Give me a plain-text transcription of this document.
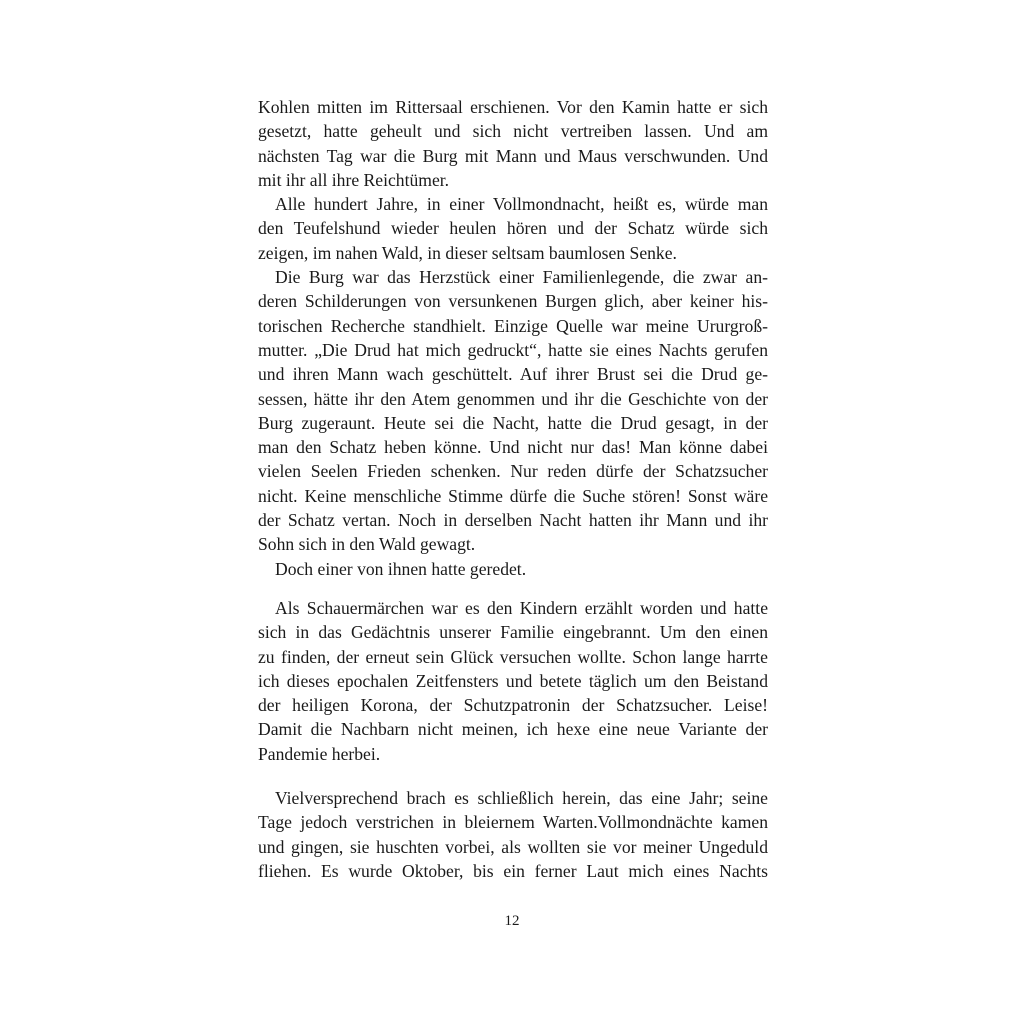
Kohlen mitten im Rittersaal erschienen. Vor den Kamin hatte er sich
gesetzt, hatte geheult und sich nicht vertreiben lassen. Und am
nächsten Tag war die Burg mit Mann und Maus verschwunden. Und
mit ihr all ihre Reichtümer.
Alle hundert Jahre, in einer Vollmondnacht, heißt es, würde man
den Teufelshund wieder heulen hören und der Schatz würde sich
zeigen, im nahen Wald, in dieser seltsam baumlosen Senke.
Die Burg war das Herzstück einer Familienlegende, die zwar an-
deren Schilderungen von versunkenen Burgen glich, aber keiner his-
torischen Recherche standhielt. Einzige Quelle war meine Ururgroß-
mutter. „Die Drud hat mich gedruckt“, hatte sie eines Nachts gerufen
und ihren Mann wach geschüttelt. Auf ihrer Brust sei die Drud ge-
sessen, hätte ihr den Atem genommen und ihr die Geschichte von der
Burg zugeraunt. Heute sei die Nacht, hatte die Drud gesagt, in der
man den Schatz heben könne. Und nicht nur das! Man könne dabei
vielen Seelen Frieden schenken. Nur reden dürfe der Schatzsucher
nicht. Keine menschliche Stimme dürfe die Suche stören! Sonst wäre
der Schatz vertan. Noch in derselben Nacht hatten ihr Mann und ihr
Sohn sich in den Wald gewagt.
Doch einer von ihnen hatte geredet.
Als Schauermärchen war es den Kindern erzählt worden und hatte
sich in das Gedächtnis unserer Familie eingebrannt. Um den einen
zu finden, der erneut sein Glück versuchen wollte. Schon lange harrte
ich dieses epochalen Zeitfensters und betete täglich um den Beistand
der heiligen Korona, der Schutzpatronin der Schatzsucher. Leise!
Damit die Nachbarn nicht meinen, ich hexe eine neue Variante der
Pandemie herbei.
Vielversprechend brach es schließlich herein, das eine Jahr; seine
Tage jedoch verstrichen in bleiernem Warten.Vollmondnächte kamen
und gingen, sie huschten vorbei, als wollten sie vor meiner Ungeduld
fliehen. Es wurde Oktober, bis ein ferner Laut mich eines Nachts
12
